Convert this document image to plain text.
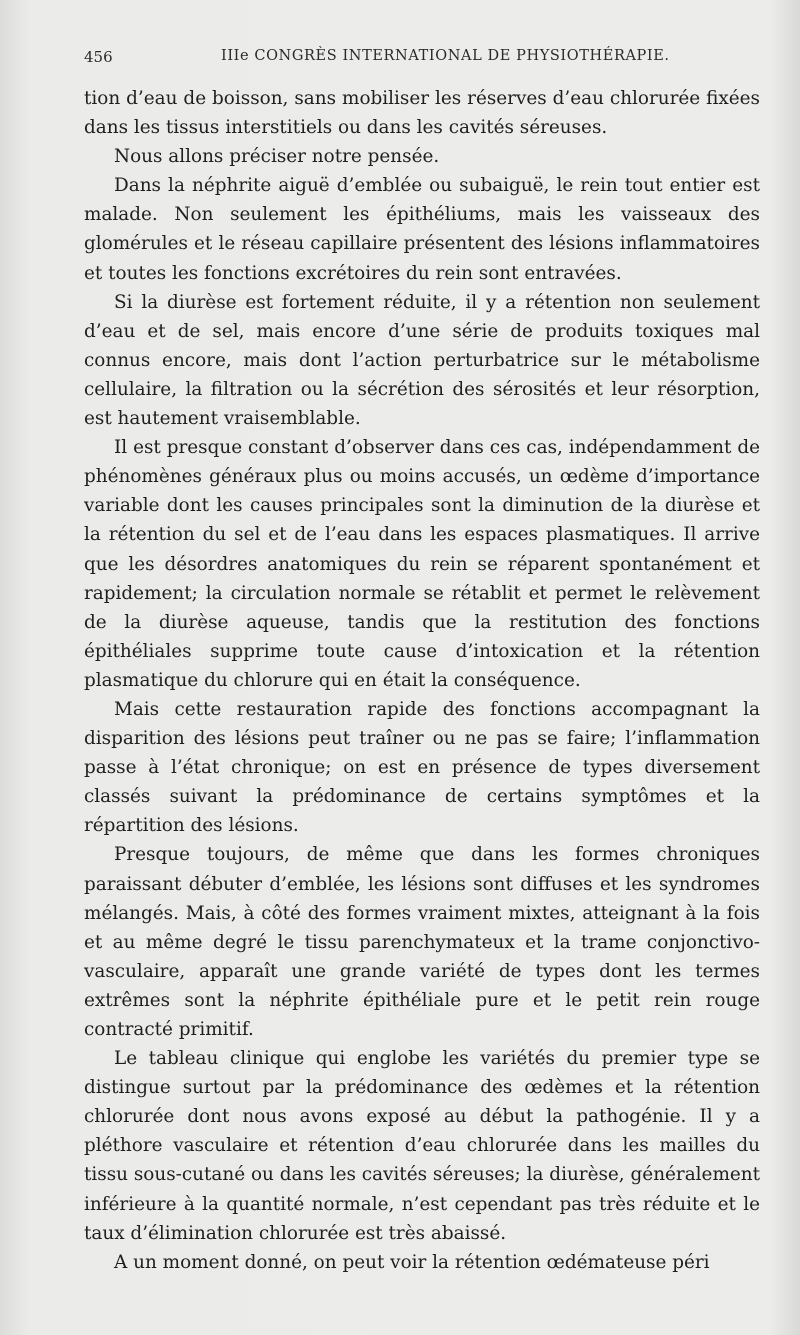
456	IIIe CONGRÈS INTERNATIONAL DE PHYSIOTHÉRAPIE.

tion d’eau de boisson, sans mobiliser les réserves d’eau chlorurée fixées dans les tissus interstitiels ou dans les cavités séreuses.

Nous allons préciser notre pensée.

Dans la néphrite aiguë d’emblée ou subaiguë, le rein tout entier est malade. Non seulement les épithéliums, mais les vaisseaux des glomérules et le réseau capillaire présentent des lésions inflammatoires et toutes les fonctions excrétoires du rein sont entravées.

Si la diurèse est fortement réduite, il y a rétention non seulement d’eau et de sel, mais encore d’une série de produits toxiques mal connus encore, mais dont l’action perturbatrice sur le métabolisme cellulaire, la filtration ou la sécrétion des sérosités et leur résorption, est hautement vraisemblable.

Il est presque constant d’observer dans ces cas, indépendamment de phénomènes généraux plus ou moins accusés, un œdème d’importance variable dont les causes principales sont la diminution de la diurèse et la rétention du sel et de l’eau dans les espaces plasmatiques. Il arrive que les désordres anatomiques du rein se réparent spontanément et rapidement; la circulation normale se rétablit et permet le relèvement de la diurèse aqueuse, tandis que la restitution des fonctions épithéliales supprime toute cause d’intoxication et la rétention plasmatique du chlorure qui en était la conséquence.

Mais cette restauration rapide des fonctions accompagnant la disparition des lésions peut traîner ou ne pas se faire; l’inflammation passe à l’état chronique; on est en présence de types diversement classés suivant la prédominance de certains symptômes et la répartition des lésions.

Presque toujours, de même que dans les formes chroniques paraissant débuter d’emblée, les lésions sont diffuses et les syndromes mélangés. Mais, à côté des formes vraiment mixtes, atteignant à la fois et au même degré le tissu parenchymateux et la trame conjonctivo-vasculaire, apparaît une grande variété de types dont les termes extrêmes sont la néphrite épithéliale pure et le petit rein rouge contracté primitif.

Le tableau clinique qui englobe les variétés du premier type se distingue surtout par la prédominance des œdèmes et la rétention chlorurée dont nous avons exposé au début la pathogénie. Il y a pléthore vasculaire et rétention d’eau chlorurée dans les mailles du tissu sous-cutané ou dans les cavités séreuses; la diurèse, généralement inférieure à la quantité normale, n’est cependant pas très réduite et le taux d’élimination chlorurée est très abaissé.

A un moment donné, on peut voir la rétention œdémateuse péri
